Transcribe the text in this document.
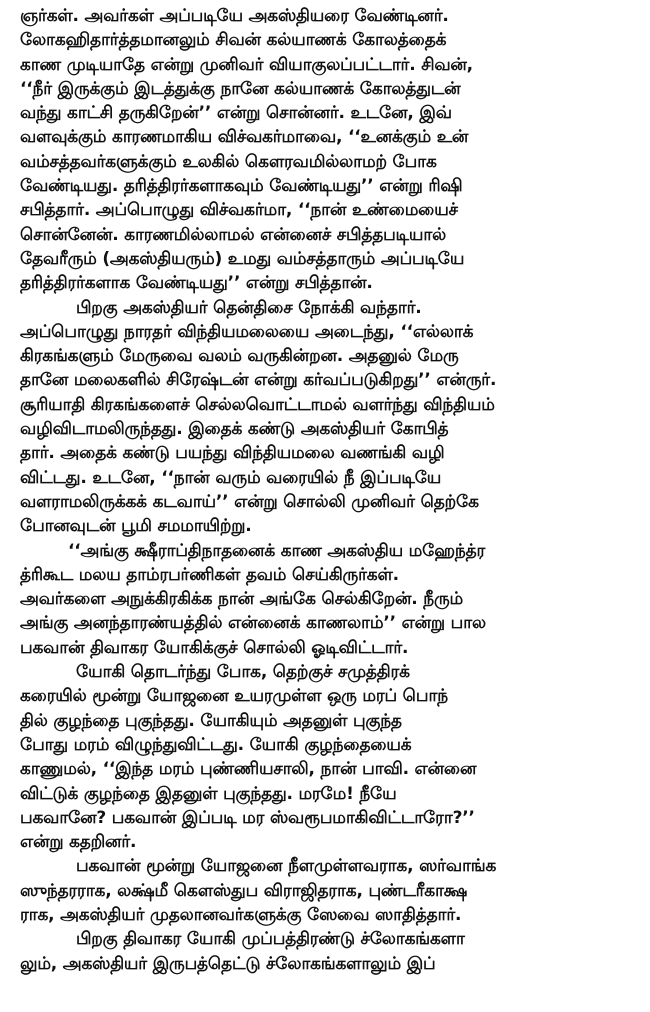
ஞர்கள். அவர்கள் அப்படியே அகஸ்தியரை வேண்டினர்.
லோகஹிதார்த்தமானலும் சிவன் கல்யாணக் கோலத்தைக்
காண முடியாதே என்று முனிவர் வியாகுலப்பட்டார். சிவன்,
‘‘நீர் இருக்கும் இடத்துக்கு நானே கல்யாணக் கோலத்துடன்
வந்து காட்சி தருகிறேன்’’ என்று சொன்னர். உடனே, இவ்
வளவுக்கும் காரணமாகிய விச்வகர்மாவை, ‘‘உனக்கும் உன்
வம்சத்தவர்களுக்கும் உலகில் கௌரவமில்லாமற் போக
வேண்டியது. தரித்திரர்களாகவும் வேண்டியது’’ என்று ரிஷி
சபித்தார். அப்பொழுது விச்வகர்மா, ‘‘நான் உண்மையைச்
சொன்னேன். காரணமில்லாமல் என்னைச் சபித்தபடியால்
தேவரீரும் (அகஸ்தியரும்) உமது வம்சத்தாரும் அப்படியே
தரித்திரர்களாக வேண்டியது’’ என்று சபித்தான்.

பிறகு அகஸ்தியர் தென்திசை நோக்கி வந்தார்.
அப்பொழுது நாரதர் விந்தியமலையை அடைந்து, ‘‘எல்லாக்
கிரகங்களும் மேருவை வலம் வருகின்றன. அதனுல் மேரு
தானே மலைகளில் சிரேஷ்டன் என்று கர்வப்படுகிறது’’ என்ருர்.
சூரியாதி கிரகங்களைச் செல்லவொட்டாமல் வளர்ந்து விந்தியம்
வழிவிடாமலிருந்தது. இதைக் கண்டு அகஸ்தியர் கோபித்
தார். அதைக் கண்டு பயந்து விந்தியமலை வணங்கி வழி
விட்டது. உடனே, ‘‘நான் வரும் வரையில் நீ இப்படியே
வளராமலிருக்கக் கடவாய்’’ என்று சொல்லி முனிவர் தெற்கே
போனவுடன் பூமி சமமாயிற்று.

‘‘அங்கு க்ஷீராப்திநாதனைக் காண அகஸ்திய மஹேந்த்ர
த்ரிகூட மலய தாம்ரபர்ணிகள் தவம் செய்கிருர்கள்.
அவர்களை அநுக்கிரகிக்க நான் அங்கே செல்கிறேன். நீரும்
அங்கு அனந்தாரண்யத்தில் என்னைக் காணலாம்’’ என்று பால
பகவான் திவாகர யோகிக்குச் சொல்லி ஓடிவிட்டார்.

யோகி தொடர்ந்து போக, தெற்குச் சமுத்திரக்
கரையில் மூன்று யோஜனை உயரமுள்ள ஒரு மரப் பொந்
தில் குழந்தை புகுந்தது. யோகியும் அதனுள் புகுந்த
போது மரம் விழுந்துவிட்டது. யோகி குழந்தையைக்
காணுமல், ‘‘இந்த மரம் புண்ணியசாலி, நான் பாவி. என்னை
விட்டுக் குழந்தை இதனுள் புகுந்தது. மரமே! நீயே
பகவானே? பகவான் இப்படி மர ஸ்வரூபமாகிவிட்டாரோ?’’
என்று கதறினர்.

பகவான் மூன்று யோஜனை நீளமுள்ளவராக, ஸர்வாங்க
ஸுந்தரராக, லக்ஷ்மீ கௌஸ்துப விராஜிதராக, புண்டரீகாக்ஷ
ராக, அகஸ்தியர் முதலானவர்களுக்கு ஸேவை ஸாதித்தார்.

பிறகு திவாகர யோகி முப்பத்திரண்டு ச்லோகங்களா
லும், அகஸ்தியர் இருபத்தெட்டு ச்லோகங்களாலும் இப்
